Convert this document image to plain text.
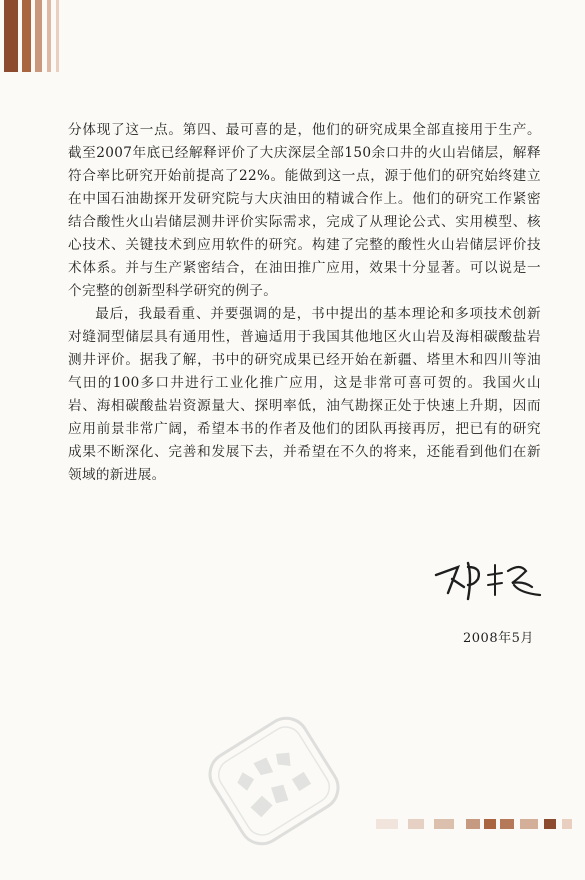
分体现了这一点。第四、最可喜的是，他们的研究成果全部直接用于生产。截至2007年底已经解释评价了大庆深层全部150余口井的火山岩储层，解释符合率比研究开始前提高了22%。能做到这一点，源于他们的研究始终建立在中国石油勘探开发研究院与大庆油田的精诚合作上。他们的研究工作紧密结合酸性火山岩储层测井评价实际需求，完成了从理论公式、实用模型、核心技术、关键技术到应用软件的研究。构建了完整的酸性火山岩储层评价技术体系。并与生产紧密结合，在油田推广应用，效果十分显著。可以说是一个完整的创新型科学研究的例子。

最后，我最看重、并要强调的是，书中提出的基本理论和多项技术创新对缝洞型储层具有通用性，普遍适用于我国其他地区火山岩及海相碳酸盐岩测井评价。据我了解，书中的研究成果已经开始在新疆、塔里木和四川等油气田的100多口井进行工业化推广应用，这是非常可喜可贺的。我国火山岩、海相碳酸盐岩资源量大、探明率低，油气勘探正处于快速上升期，因而应用前景非常广阔，希望本书的作者及他们的团队再接再厉，把已有的研究成果不断深化、完善和发展下去，并希望在不久的将来，还能看到他们在新领域的新进展。

2008年5月
